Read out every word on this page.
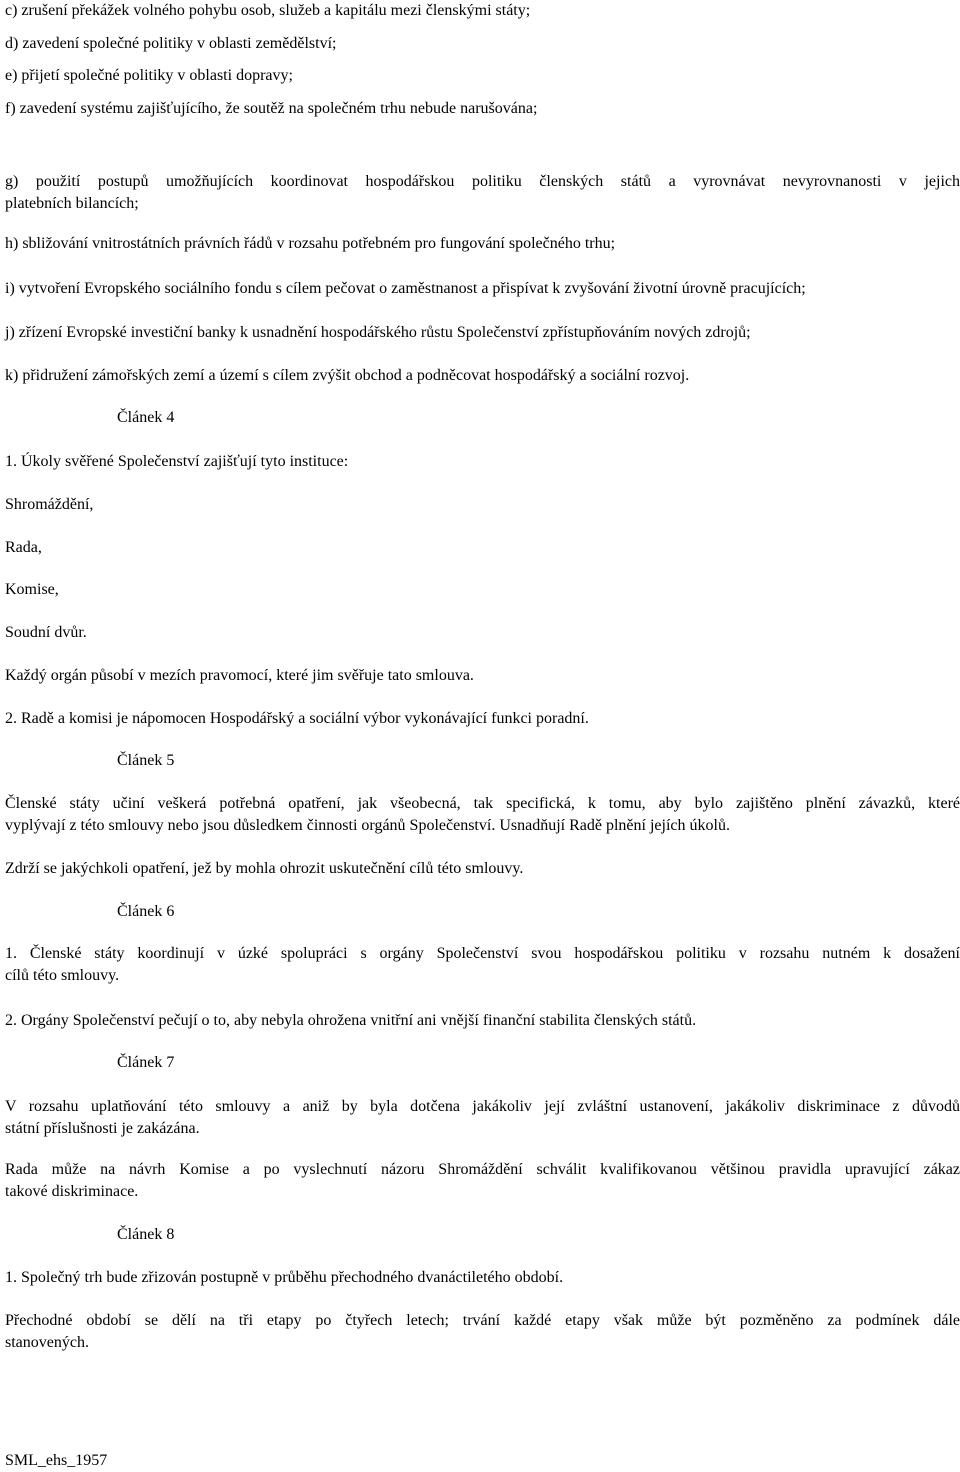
c) zrušení překážek volného pohybu osob, služeb a kapitálu mezi členskými státy;

d) zavedení společné politiky v oblasti zemědělství;

e) přijetí společné politiky v oblasti dopravy;

f) zavedení systému zajišťujícího, že soutěž na společném trhu nebude narušována;

g) použití postupů umožňujících koordinovat hospodářskou politiku členských států a vyrovnávat nevyrovnanosti v jejich
platebních bilancích;

h) sbližování vnitrostátních právních řádů v rozsahu potřebném pro fungování společného trhu;

i) vytvoření Evropského sociálního fondu s cílem pečovat o zaměstnanost a přispívat k zvyšování životní úrovně pracujících;

j) zřízení Evropské investiční banky k usnadnění hospodářského růstu Společenství zpřístupňováním nových zdrojů;

k) přidružení zámořských zemí a území s cílem zvýšit obchod a podněcovat hospodářský a sociální rozvoj.

Článek 4

1. Úkoly svěřené Společenství zajišťují tyto instituce:

Shromáždění,

Rada,

Komise,

Soudní dvůr.

Každý orgán působí v mezích pravomocí, které jim svěřuje tato smlouva.

2. Radě a komisi je nápomocen Hospodářský a sociální výbor vykonávající funkci poradní.

Článek 5
Členské státy učiní veškerá potřebná opatření, jak všeobecná, tak specifická, k tomu, aby bylo zajištěno plnění závazků, které
vyplývají z této smlouvy nebo jsou důsledkem činnosti orgánů Společenství. Usnadňují Radě plnění jejích úkolů.

Zdrží se jakýchkoli opatření, jež by mohla ohrozit uskutečnění cílů této smlouvy.

Článek 6
1. Členské státy koordinují v úzké spolupráci s orgány Společenství svou hospodářskou politiku v rozsahu nutném k dosažení
cílů této smlouvy.

2. Orgány Společenství pečují o to, aby nebyla ohrožena vnitřní ani vnější finanční stabilita členských států.

Článek 7
V rozsahu uplatňování této smlouvy a aniž by byla dotčena jakákoliv její zvláštní ustanovení, jakákoliv diskriminace z důvodů
státní příslušnosti je zakázána.
Rada může na návrh Komise a po vyslechnutí názoru Shromáždění schválit kvalifikovanou většinou pravidla upravující zákaz
takové diskriminace.
Článek 8

1. Společný trh bude zřizován postupně v průběhu přechodného dvanáctiletého období.

Přechodné období se dělí na tři etapy po čtyřech letech; trvání každé etapy však může být pozměněno za podmínek dále
stanovených.
SML_ehs_1957
